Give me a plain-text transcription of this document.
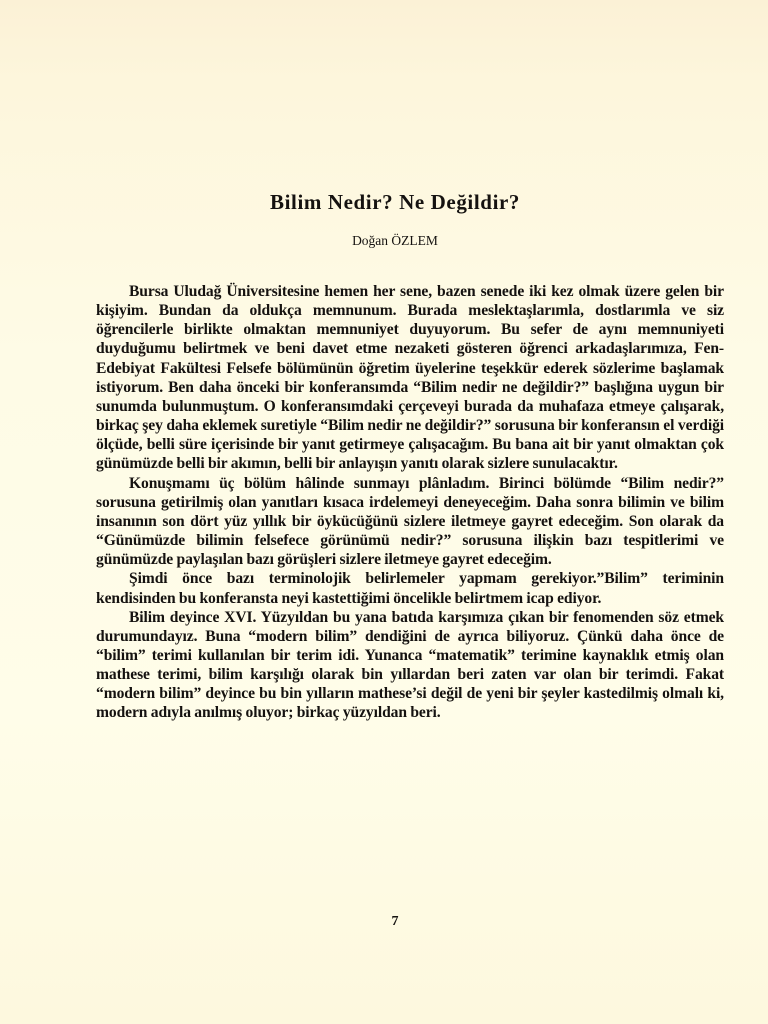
Bilim Nedir? Ne Değildir?
Doğan ÖZLEM

Bursa Uludağ Üniversitesine hemen her sene, bazen senede iki kez olmak üzere gelen bir kişiyim. Bundan da oldukça memnunum. Burada meslektaşlarımla, dostlarımla ve siz öğrencilerle birlikte olmaktan memnuniyet duyuyorum. Bu sefer de aynı memnuniyeti duyduğumu belirtmek ve beni davet etme nezaketi gösteren öğrenci arkadaşlarımıza, Fen-Edebiyat Fakültesi Felsefe bölümünün öğretim üyelerine teşekkür ederek sözlerime başlamak istiyorum. Ben daha önceki bir konferansımda “Bilim nedir ne değildir?” başlığına uygun bir sunumda bulunmuştum. O konferansımdaki çerçeveyi burada da muhafaza etmeye çalışarak, birkaç şey daha eklemek suretiyle “Bilim nedir ne değildir?” sorusuna bir konferansın el verdiği ölçüde, belli süre içerisinde bir yanıt getirmeye çalışacağım. Bu bana ait bir yanıt olmaktan çok günümüzde belli bir akımın, belli bir anlayışın yanıtı olarak sizlere sunulacaktır.

Konuşmamı üç bölüm hâlinde sunmayı plânladım. Birinci bölümde “Bilim nedir?” sorusuna getirilmiş olan yanıtları kısaca irdelemeyi deneyeceğim. Daha sonra bilimin ve bilim insanının son dört yüz yıllık bir öykücüğünü sizlere iletmeye gayret edeceğim. Son olarak da “Günümüzde bilimin felsefece görünümü nedir?” sorusuna ilişkin bazı tespitlerimi ve günümüzde paylaşılan bazı görüşleri sizlere iletmeye gayret edeceğim.

Şimdi önce bazı terminolojik belirlemeler yapmam gerekiyor.”Bilim” teriminin kendisinden bu konferansta neyi kastettiğimi öncelikle belirtmem icap ediyor.

Bilim deyince XVI. Yüzyıldan bu yana batıda karşımıza çıkan bir fenomenden söz etmek durumundayız. Buna “modern bilim” dendiğini de ayrıca biliyoruz. Çünkü daha önce de “bilim” terimi kullanılan bir terim idi. Yunanca “matematik” terimine kaynaklık etmiş olan mathese terimi, bilim karşılığı olarak bin yıllardan beri zaten var olan bir terimdi. Fakat “modern bilim” deyince bu bin yılların mathese’si değil de yeni bir şeyler kastedilmiş olmalı ki, modern adıyla anılmış oluyor; birkaç yüzyıldan beri.

7
